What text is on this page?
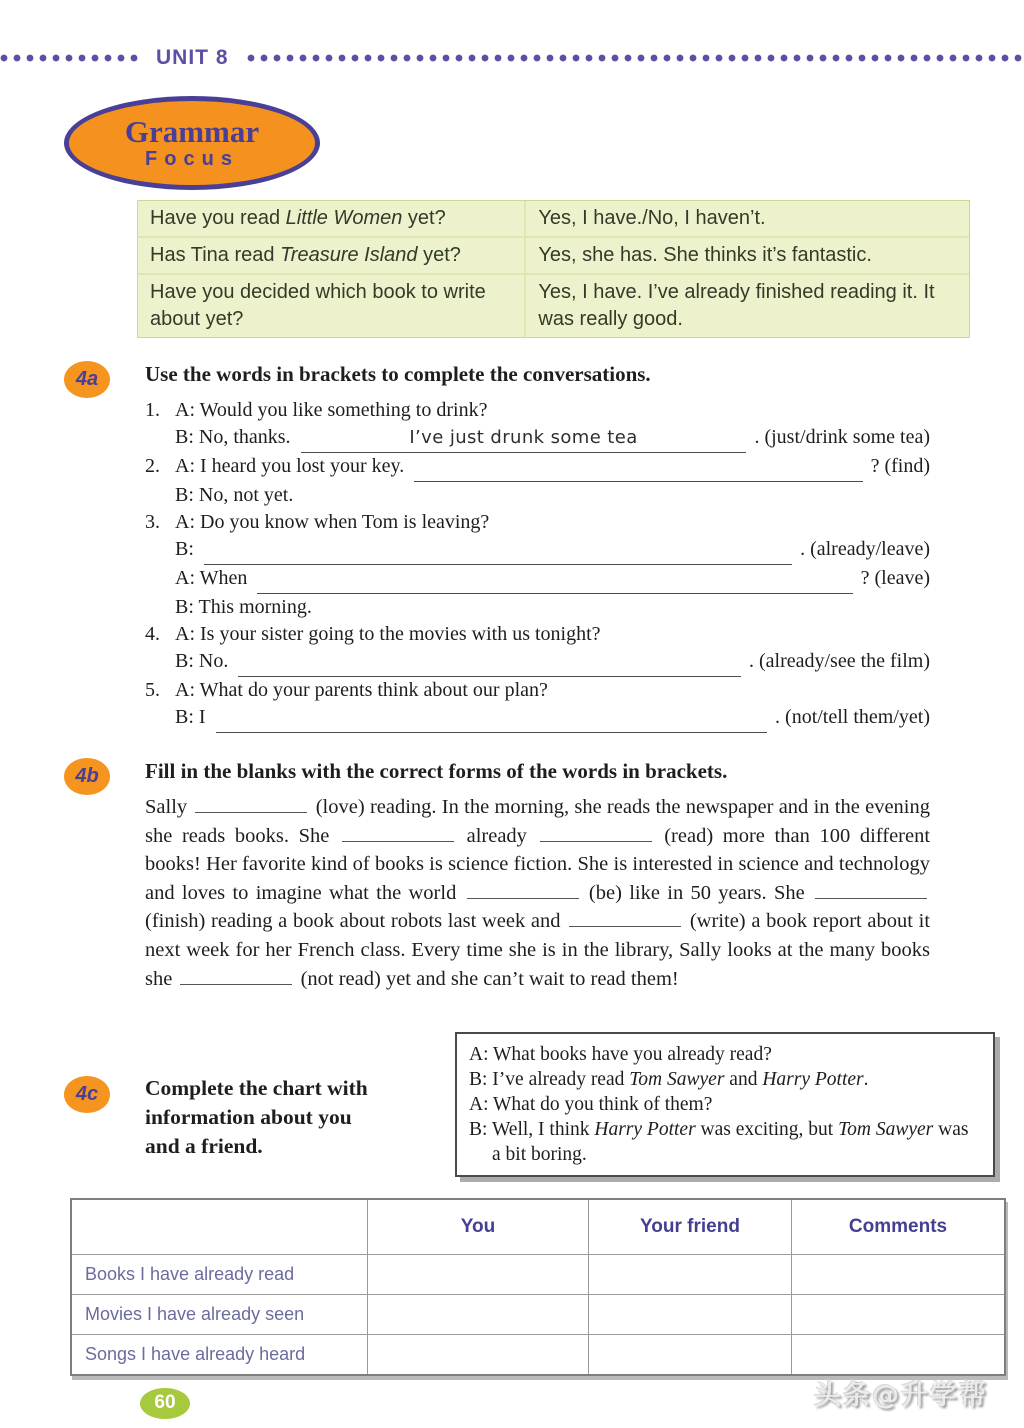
UNIT 8
Grammar
Focus
Have you read Little Women yet?	Yes, I have./No, I haven’t.
Has Tina read Treasure Island yet?	Yes, she has. She thinks it’s fantastic.
Have you decided which book to write about yet?	Yes, I have. I’ve already finished reading it. It was really good.
4a	Use the words in brackets to complete the conversations.
1. A: Would you like something to drink?
B: No, thanks.	I’ve just drunk some tea ​	. (just/drink some tea)
2. A: I heard you lost your key. ​	? (find)
B: No, not yet.
3. A: Do you know when Tom is leaving?
B: ​	. (already/leave)
A: When ​	? (leave)
B: This morning.
4. A: Is your sister going to the movies with us tonight?
B: No. ​	. (already/see the film)
5. A: What do your parents think about our plan?
B: I ​	. (not/tell them/yet)
4b	Fill in the blanks with the correct forms of the words in brackets.

Sally	(love) reading. In the morning, she reads the newspaper and in the evening she reads books. She	already	(read) more than 100 different books! Her favorite kind of books is science fiction. She is interested in science and technology and loves to imagine what the world	(be) like in 50 years. She  (finish) reading a book about robots last week and	(write) a book report about it next week for her French class. Every time she is in the library, Sally looks at the many books she	(not read) yet and she can’t wait to read them!

4c	Complete the chart with
information about you
and a friend.
A: What books have you already read?
B: I’ve already read Tom Sawyer and Harry Potter.
A: What do you think of them?
B: Well, I think Harry Potter was exciting, but Tom Sawyer was a bit boring.
	You	Your friend	Comments
Books I have already read			
Movies I have already seen			
Songs I have already heard			
60	头条@升学帮
